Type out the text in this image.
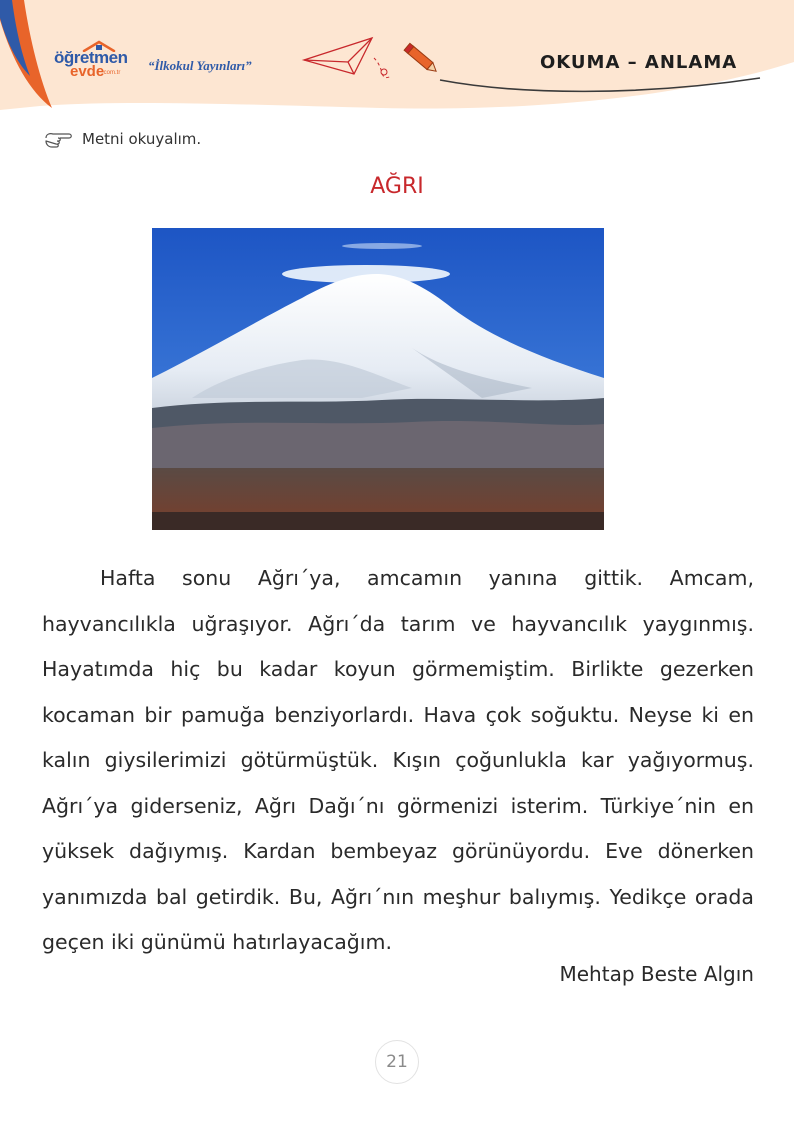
öğretmen
evde
.com.tr “İlkokul Yayınları”	OKUMA – ANLAMA
Metni okuyalım.
AĞRI

Hafta sonu Ağrı´ya, amcamın yanına gittik. Amcam, hayvancılıkla uğraşıyor. Ağrı´da tarım ve hayvancılık yaygınmış. Hayatımda hiç bu kadar koyun görmemiştim. Birlikte gezerken kocaman bir pamuğa benziyorlardı. Hava çok soğuktu. Neyse ki en kalın giysilerimizi götürmüştük. Kışın çoğunlukla kar yağıyormuş. Ağrı´ya giderseniz, Ağrı Dağı´nı görmenizi isterim. Türkiye´nin en yüksek dağıymış. Kardan bembeyaz görünüyordu. Eve dönerken yanımızda bal getirdik. Bu, Ağrı´nın meşhur balıymış. Yedikçe orada geçen iki günümü hatırlayacağım.

Mehtap Beste Algın
21
